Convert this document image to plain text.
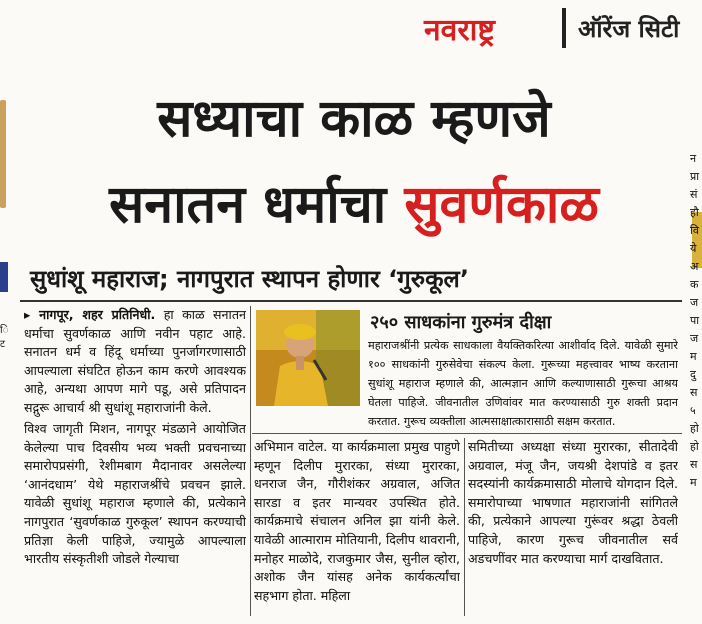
नवराष्ट्र	ऑरेंज सिटी
ि ट
सध्याचा काळ म्हणजे
सनातन धर्माचा सुवर्णकाळ
सुधांशू महाराज; नागपुरात स्थापन होणार ‘गुरुकूल’
▸ नागपूर, शहर प्रतिनिधी. हा काळ सनातन धर्माचा सुवर्णकाळ आणि नवीन पहाट आहे. सनातन धर्म व हिंदू धर्माच्या पुनर्जागरणासाठी आपल्याला संघटित होऊन काम करणे आवश्यक आहे, अन्यथा आपण मागे पडू, असे प्रतिपादन सद्गुरू आचार्य श्री सुधांशू महाराजांनी केले.
२५० साधकांना गुरुमंत्र दीक्षा
महाराजश्रींनी प्रत्येक साधकाला वैयक्तिकरित्या आशीर्वाद दिले. यावेळी सुमारे १०० साधकांनी गुरुसेवेचा संकल्प केला. गुरूच्या महत्त्वावर भाष्य करताना सुधांशू महाराज म्हणाले की, आत्मज्ञान आणि कल्याणासाठी गुरूचा आश्रय घेतला पाहिजे. जीवनातील उणिवांवर मात करण्यासाठी गुरु शक्ती प्रदान करतात. गुरूच व्यक्तीला आत्मसाक्षात्कारासाठी सक्षम करतात.
विश्व जागृती मिशन, नागपूर मंडळाने आयोजित केलेल्या पाच दिवसीय भव्य भक्ती प्रवचनाच्या समारोपप्रसंगी, रेशीमबाग मैदानावर असलेल्या ‘आनंदधाम’ येथे महाराजश्रींचे प्रवचन झाले. यावेळी सुधांशू महाराज म्हणाले की, प्रत्येकाने नागपुरात ‘सुवर्णकाळ गुरुकूल’ स्थापन करण्याची प्रतिज्ञा केली पाहिजे, ज्यामुळे आपल्याला भारतीय संस्कृतीशी जोडले गेल्याचा
अभिमान वाटेल. या कार्यक्रमाला प्रमुख पाहुणे म्हणून दिलीप मुरारका, संध्या मुरारका, धनराज जैन, गौरीशंकर अग्रवाल, अजित सारडा व इतर मान्यवर उपस्थित होते. कार्यक्रमाचे संचालन अनिल झा यांनी केले. यावेळी आत्माराम मोतियानी, दिलीप थावरानी, मनोहर माळोदे, राजकुमार जैस, सुनील व्होरा, अशोक जैन यांसह अनेक कार्यकर्त्यांचा सहभाग होता. महिला
समितीच्या अध्यक्षा संध्या मुरारका, सीतादेवी अग्रवाल, मंजू जैन, जयश्री देशपांडे व इतर सदस्यांनी कार्यक्रमासाठी मोलाचे योगदान दिले. समारोपाच्या भाषणात महाराजांनी सांगितले की, प्रत्येकाने आपल्या गुरूंवर श्रद्धा ठेवली पाहिजे, कारण गुरूच जीवनातील सर्व अडचणींवर मात करण्याचा मार्ग दाखवितात.
न प्रा सं हौ वि ये अ क ज पा ज म दु स ५ हो हो स म
